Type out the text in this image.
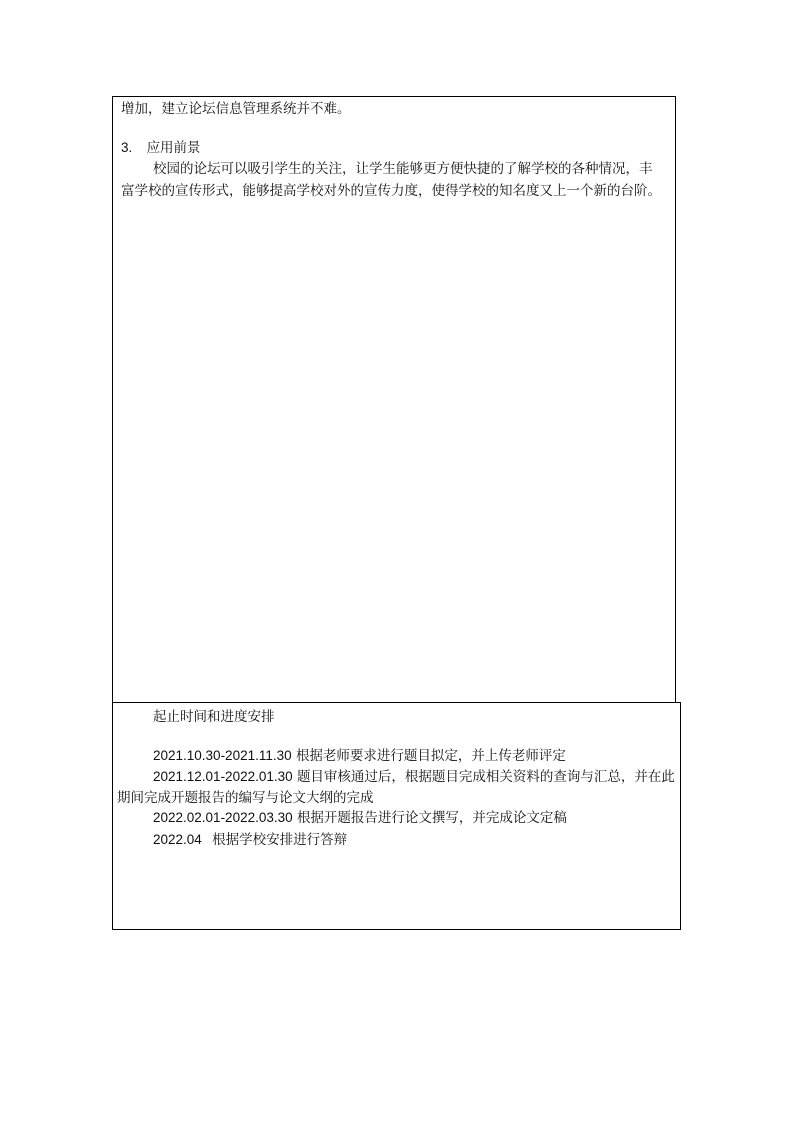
增加，建立论坛信息管理系统并不难。
3. 应用前景
校园的论坛可以吸引学生的关注，让学生能够更方便快捷的了解学校的各种情况，丰
富学校的宣传形式，能够提高学校对外的宣传力度，使得学校的知名度又上一个新的台阶。
起止时间和进度安排
2021.10.30-2021.11.30 根据老师要求进行题目拟定，并上传老师评定
2021.12.01-2022.01.30 题目审核通过后，根据题目完成相关资料的查询与汇总，并在此
期间完成开题报告的编写与论文大纲的完成
2022.02.01-2022.03.30 根据开题报告进行论文撰写，并完成论文定稿
2022.04 根据学校安排进行答辩
